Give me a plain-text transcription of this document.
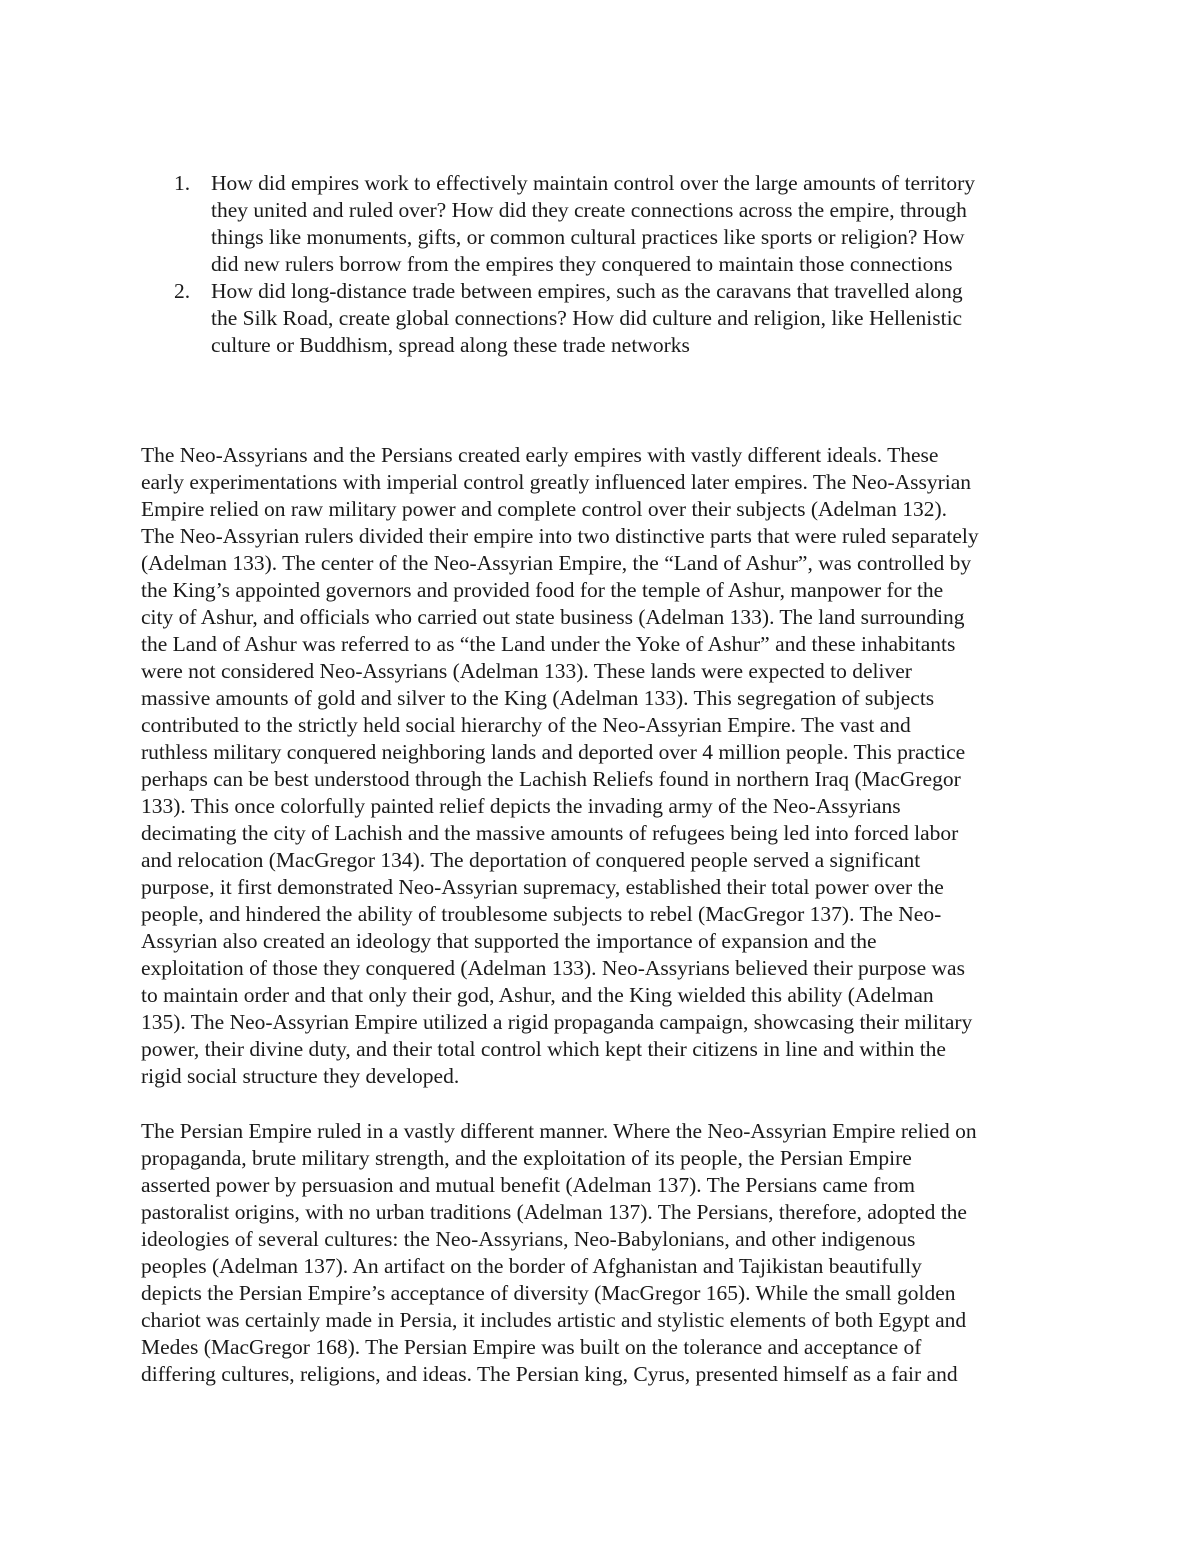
1. How did empires work to effectively maintain control over the large amounts of territory
they united and ruled over? How did they create connections across the empire, through
things like monuments, gifts, or common cultural practices like sports or religion? How
did new rulers borrow from the empires they conquered to maintain those connections
2. How did long-distance trade between empires, such as the caravans that travelled along
the Silk Road, create global connections? How did culture and religion, like Hellenistic
culture or Buddhism, spread along these trade networks
The Neo-Assyrians and the Persians created early empires with vastly different ideals. These
early experimentations with imperial control greatly influenced later empires. The Neo-Assyrian
Empire relied on raw military power and complete control over their subjects (Adelman 132).
The Neo-Assyrian rulers divided their empire into two distinctive parts that were ruled separately
(Adelman 133). The center of the Neo-Assyrian Empire, the “Land of Ashur”, was controlled by
the King’s appointed governors and provided food for the temple of Ashur, manpower for the
city of Ashur, and officials who carried out state business (Adelman 133). The land surrounding
the Land of Ashur was referred to as “the Land under the Yoke of Ashur” and these inhabitants
were not considered Neo-Assyrians (Adelman 133). These lands were expected to deliver
massive amounts of gold and silver to the King (Adelman 133). This segregation of subjects
contributed to the strictly held social hierarchy of the Neo-Assyrian Empire. The vast and
ruthless military conquered neighboring lands and deported over 4 million people. This practice
perhaps can be best understood through the Lachish Reliefs found in northern Iraq (MacGregor
133). This once colorfully painted relief depicts the invading army of the Neo-Assyrians
decimating the city of Lachish and the massive amounts of refugees being led into forced labor
and relocation (MacGregor 134). The deportation of conquered people served a significant
purpose, it first demonstrated Neo-Assyrian supremacy, established their total power over the
people, and hindered the ability of troublesome subjects to rebel (MacGregor 137). The Neo-
Assyrian also created an ideology that supported the importance of expansion and the
exploitation of those they conquered (Adelman 133). Neo-Assyrians believed their purpose was
to maintain order and that only their god, Ashur, and the King wielded this ability (Adelman
135). The Neo-Assyrian Empire utilized a rigid propaganda campaign, showcasing their military
power, their divine duty, and their total control which kept their citizens in line and within the
rigid social structure they developed.
The Persian Empire ruled in a vastly different manner. Where the Neo-Assyrian Empire relied on
propaganda, brute military strength, and the exploitation of its people, the Persian Empire
asserted power by persuasion and mutual benefit (Adelman 137). The Persians came from
pastoralist origins, with no urban traditions (Adelman 137). The Persians, therefore, adopted the
ideologies of several cultures: the Neo-Assyrians, Neo-Babylonians, and other indigenous
peoples (Adelman 137). An artifact on the border of Afghanistan and Tajikistan beautifully
depicts the Persian Empire’s acceptance of diversity (MacGregor 165). While the small golden
chariot was certainly made in Persia, it includes artistic and stylistic elements of both Egypt and
Medes (MacGregor 168). The Persian Empire was built on the tolerance and acceptance of
differing cultures, religions, and ideas. The Persian king, Cyrus, presented himself as a fair and
